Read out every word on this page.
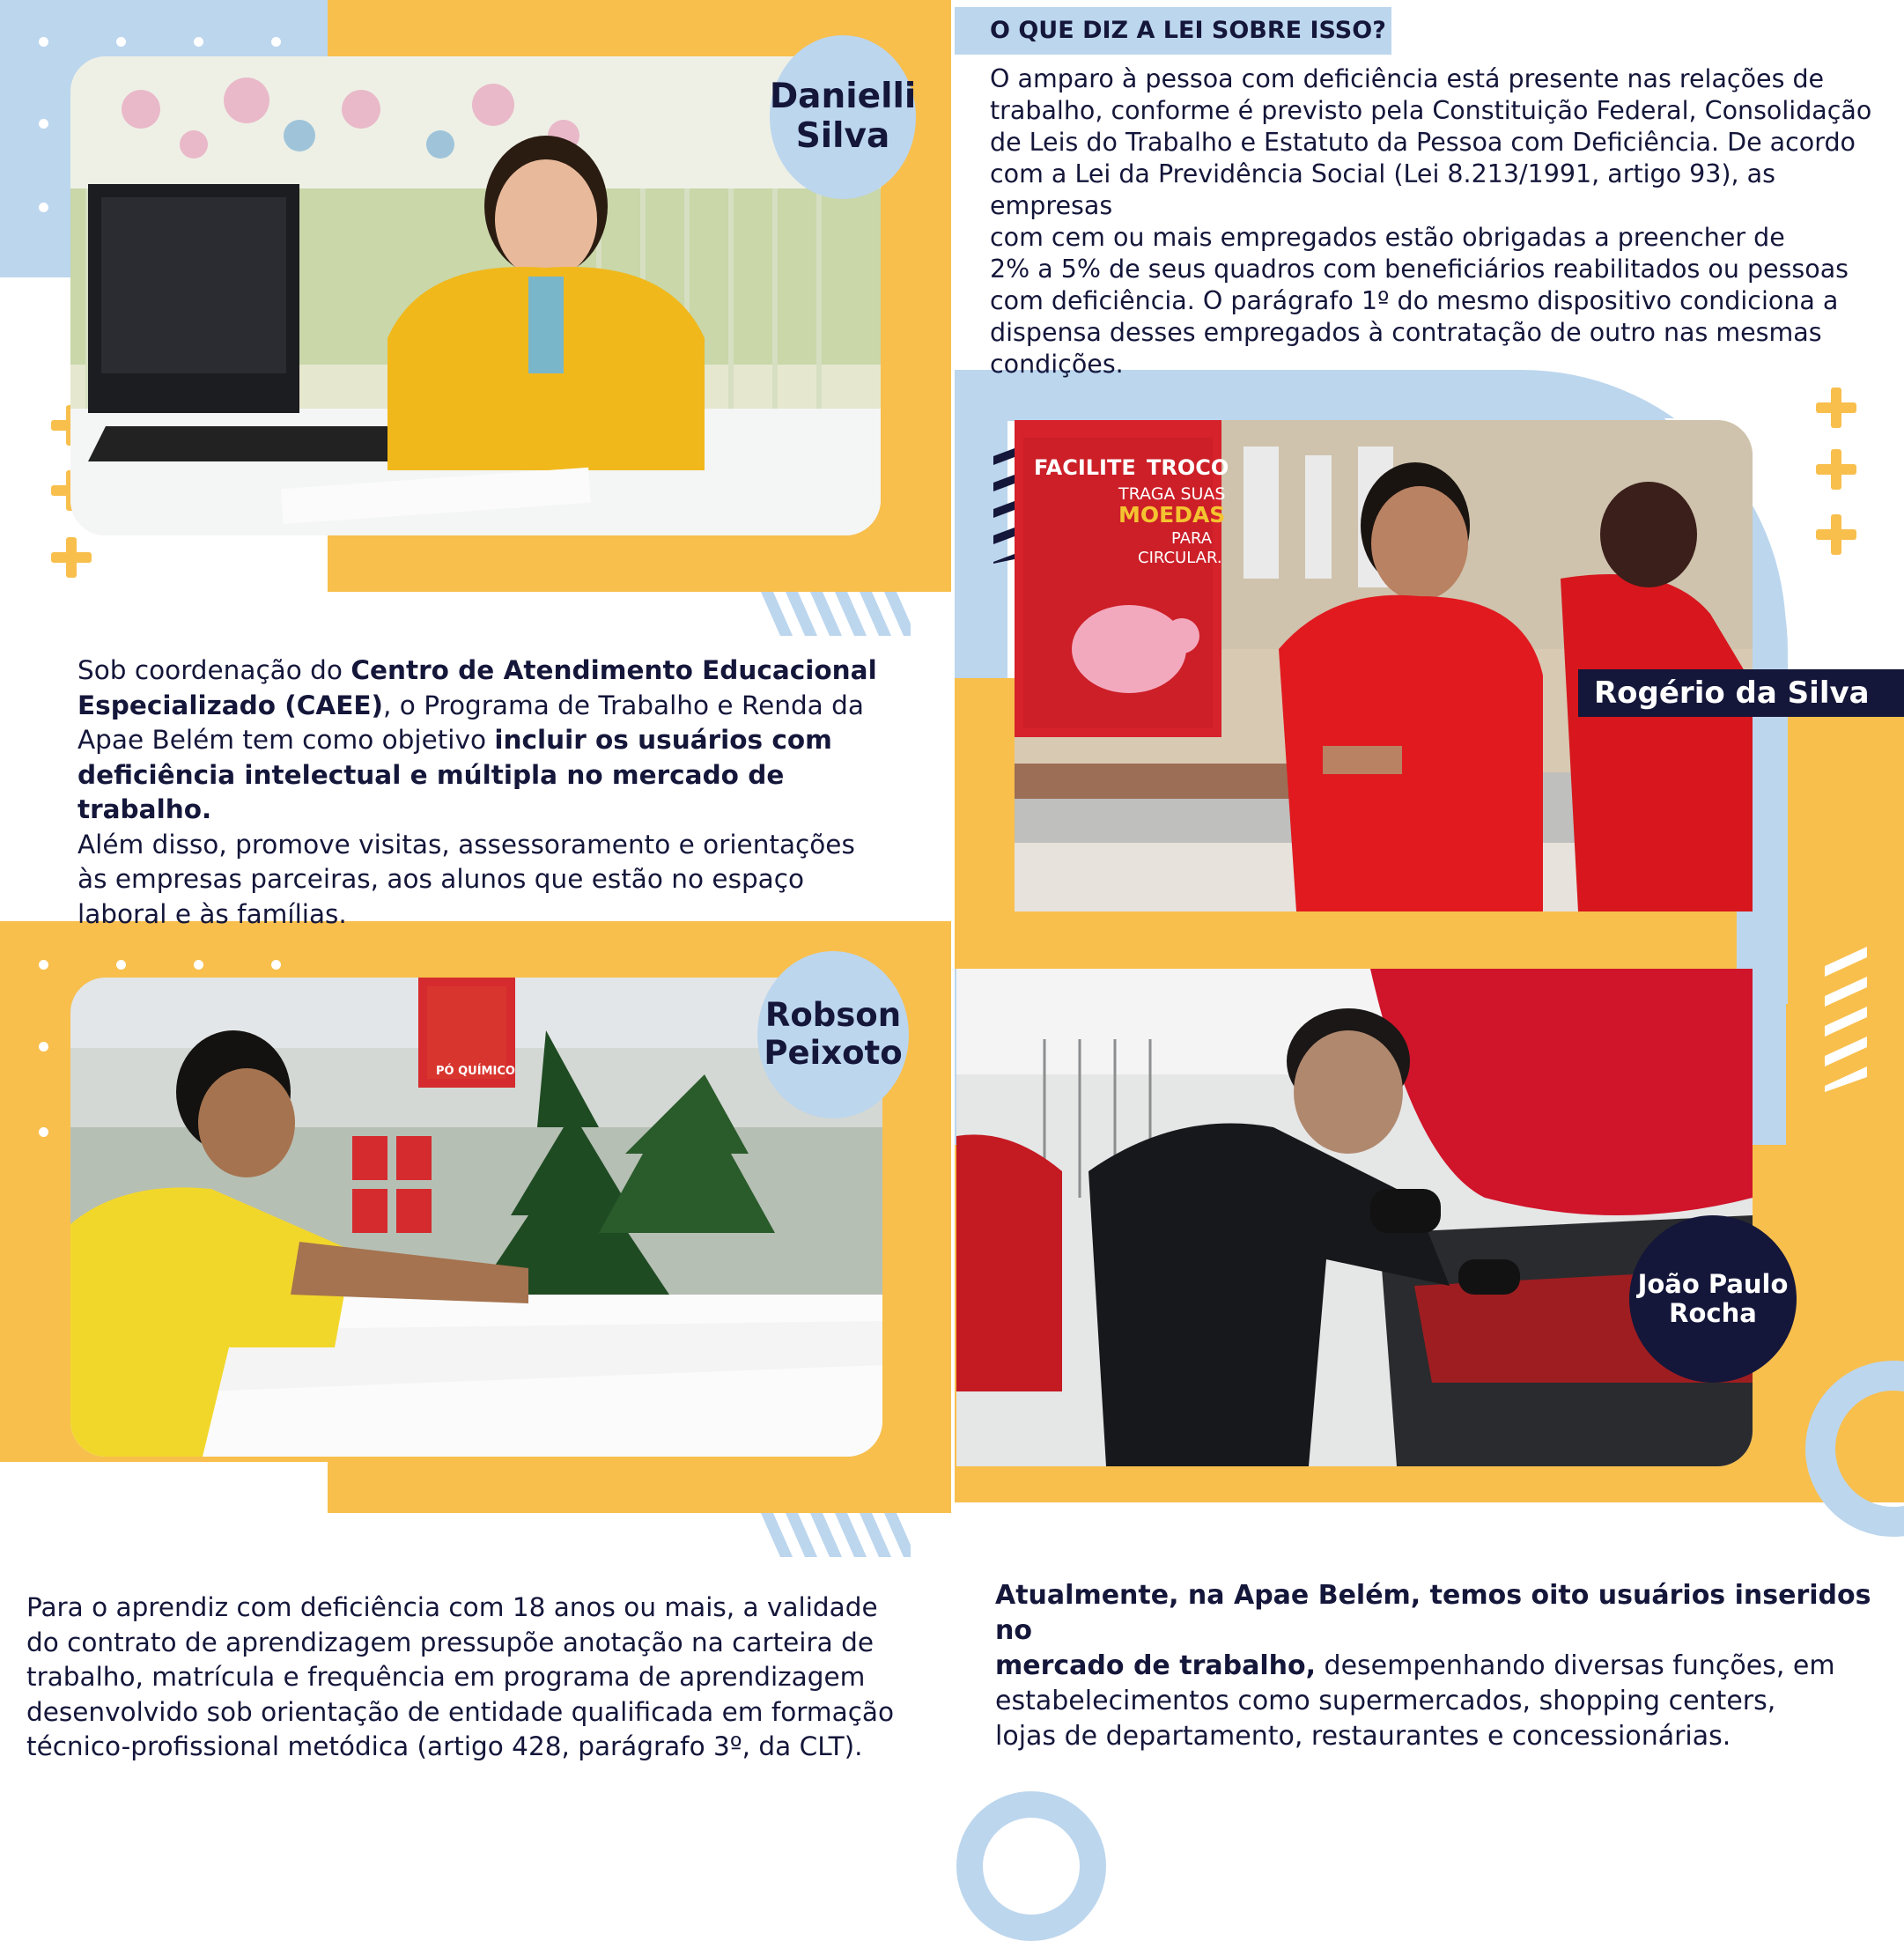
FACILITE TROCO
TRAGA SUAS
MOEDAS
PARA
CIRCULAR.
PÓ QUÍMICO
Danielli
Silva
Rogério da Silva
Robson
Peixoto
João Paulo
Rocha
O QUE DIZ A LEI SOBRE ISSO?
O amparo à pessoa com deficiência está presente nas relações de
trabalho, conforme é previsto pela Constituição Federal, Consolidação
de Leis do Trabalho e Estatuto da Pessoa com Deficiência. De acordo
com a Lei da Previdência Social (Lei 8.213/1991, artigo 93), as empresas
com cem ou mais empregados estão obrigadas a preencher de
2% a 5% de seus quadros com beneficiários reabilitados ou pessoas
com deficiência. O parágrafo 1º do mesmo dispositivo condiciona a
dispensa desses empregados à contratação de outro nas mesmas
condições.
Sob coordenação do Centro de Atendimento Educacional
Especializado (CAEE), o Programa de Trabalho e Renda da
Apae Belém tem como objetivo incluir os usuários com
deficiência intelectual e múltipla no mercado de trabalho.
Além disso, promove visitas, assessoramento e orientações
às empresas parceiras, aos alunos que estão no espaço
laboral e às famílias.
Para o aprendiz com deficiência com 18 anos ou mais, a validade
do contrato de aprendizagem pressupõe anotação na carteira de
trabalho, matrícula e frequência em programa de aprendizagem
desenvolvido sob orientação de entidade qualificada em formação
técnico-profissional metódica (artigo 428, parágrafo 3º, da CLT).
Atualmente, na Apae Belém, temos oito usuários inseridos no
mercado de trabalho, desempenhando diversas funções, em
estabelecimentos como supermercados, shopping centers,
lojas de departamento, restaurantes e concessionárias.
